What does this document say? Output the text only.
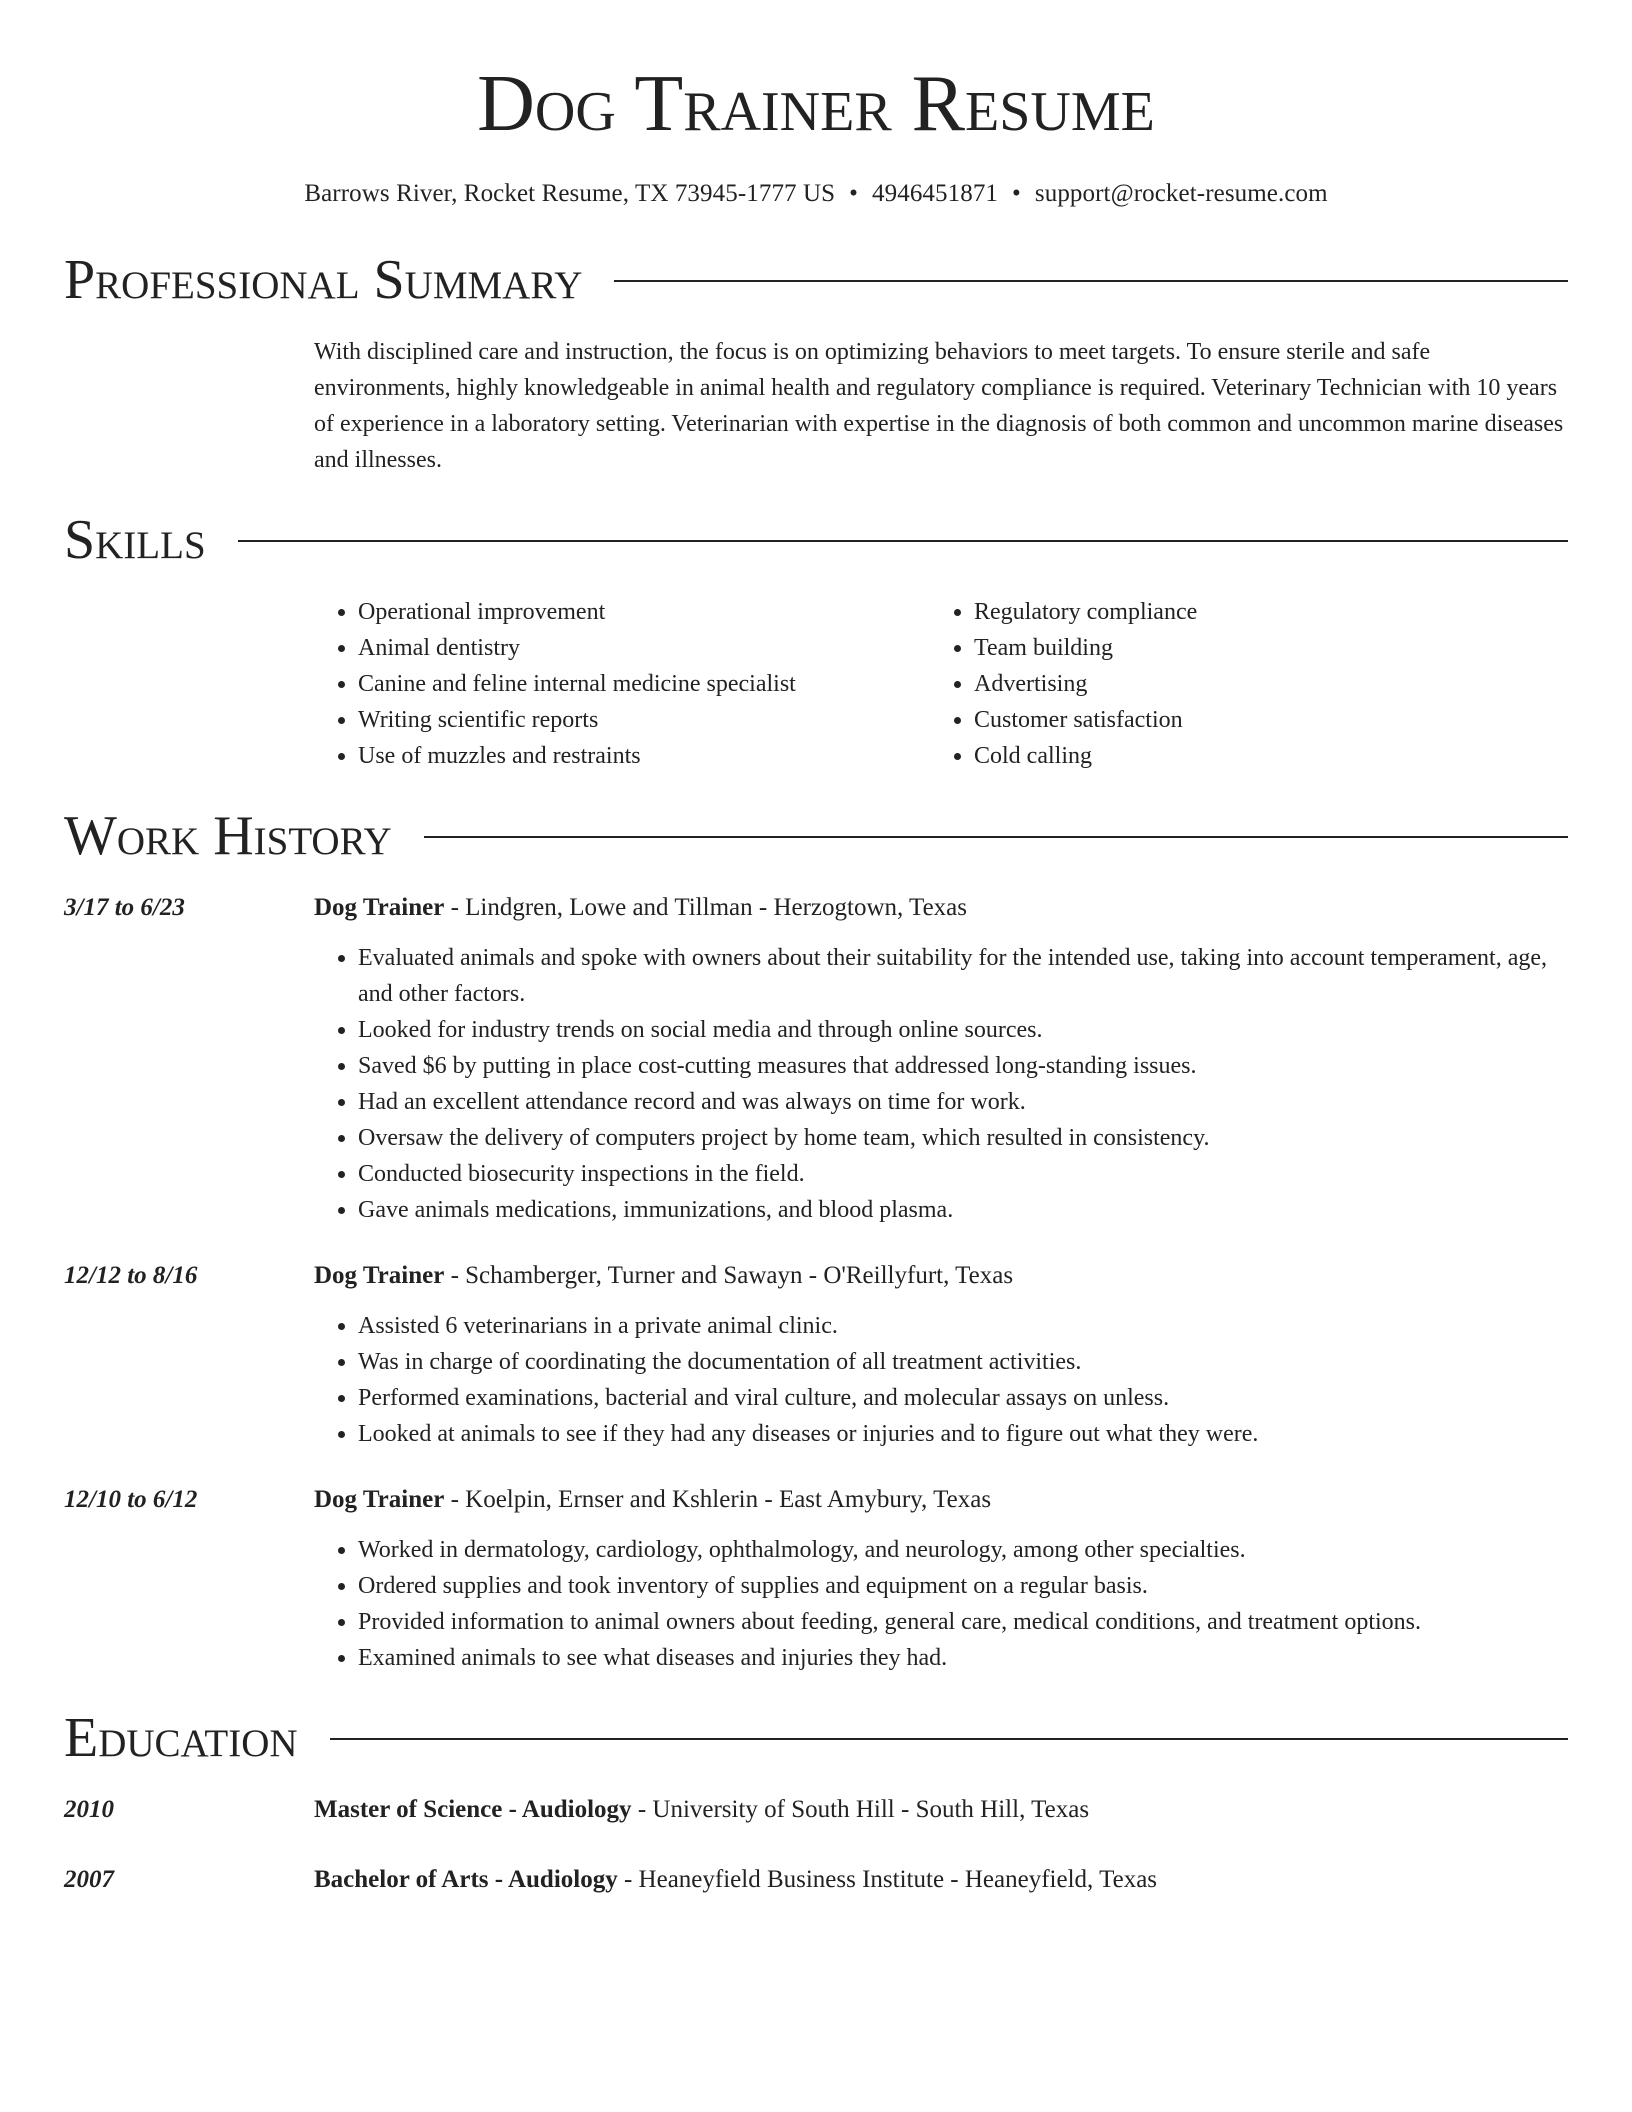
Dog Trainer Resume
Barrows River, Rocket Resume, TX 73945-1777 US • 4946451871 • support@rocket-resume.com
Professional Summary
With disciplined care and instruction, the focus is on optimizing behaviors to meet targets. To ensure sterile and safe environments, highly knowledgeable in animal health and regulatory compliance is required. Veterinary Technician with 10 years of experience in a laboratory setting. Veterinarian with expertise in the diagnosis of both common and uncommon marine diseases and illnesses.
Skills
• Operational improvement
• Animal dentistry
• Canine and feline internal medicine specialist
• Writing scientific reports
• Use of muzzles and restraints
• Regulatory compliance
• Team building
• Advertising
• Customer satisfaction
• Cold calling
Work History
3/17 to 6/23	Dog Trainer - Lindgren, Lowe and Tillman - Herzogtown, Texas
• Evaluated animals and spoke with owners about their suitability for the intended use, taking into account temperament, age, and other factors.
• Looked for industry trends on social media and through online sources.
• Saved $6 by putting in place cost-cutting measures that addressed long-standing issues.
• Had an excellent attendance record and was always on time for work.
• Oversaw the delivery of computers project by home team, which resulted in consistency.
• Conducted biosecurity inspections in the field.
• Gave animals medications, immunizations, and blood plasma.
12/12 to 8/16	Dog Trainer - Schamberger, Turner and Sawayn - O'Reillyfurt, Texas
• Assisted 6 veterinarians in a private animal clinic.
• Was in charge of coordinating the documentation of all treatment activities.
• Performed examinations, bacterial and viral culture, and molecular assays on unless.
• Looked at animals to see if they had any diseases or injuries and to figure out what they were.
12/10 to 6/12	Dog Trainer - Koelpin, Ernser and Kshlerin - East Amybury, Texas
• Worked in dermatology, cardiology, ophthalmology, and neurology, among other specialties.
• Ordered supplies and took inventory of supplies and equipment on a regular basis.
• Provided information to animal owners about feeding, general care, medical conditions, and treatment options.
• Examined animals to see what diseases and injuries they had.
Education
2010	Master of Science - Audiology - University of South Hill - South Hill, Texas
2007	Bachelor of Arts - Audiology - Heaneyfield Business Institute - Heaneyfield, Texas
